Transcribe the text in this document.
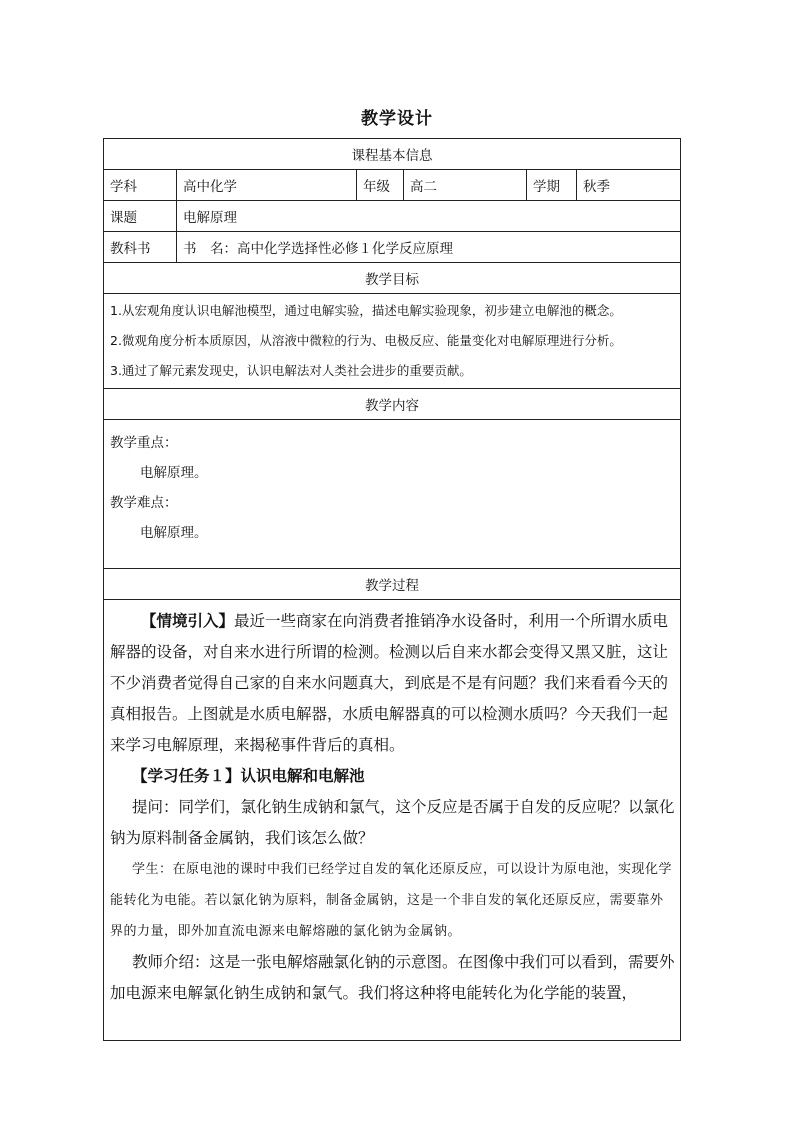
教学设计
课程基本信息					
学科	高中化学	年级	高二	学期	秋季
课题	电解原理				
教科书	书　名：高中化学选择性必修１化学反应原理				
教学目标					

1.从宏观角度认识电解池模型，通过电解实验，描述电解实验现象，初步建立电解池的概念。
2.微观角度分析本质原因，从溶液中微粒的行为、电极反应、能量变化对电解原理进行分析。
3.通过了解元素发现史，认识电解法对人类社会进步的重要贡献。					

教学内容					

教学重点：
电解原理。
教学难点：
电解原理。					

教学过程					

【情境引入】最近一些商家在向消费者推销净水设备时，利用一个所谓水质电解器的设备，对自来水进行所谓的检测。检测以后自来水都会变得又黑又脏，这让不少消费者觉得自己家的自来水问题真大，到底是不是有问题？我们来看看今天的真相报告。上图就是水质电解器，水质电解器真的可以检测水质吗？今天我们一起来学习电解原理，来揭秘事件背后的真相。

【学习任务１】认识电解和电解池

提问：同学们，氯化钠生成钠和氯气，这个反应是否属于自发的反应呢？以氯化钠为原料制备金属钠，我们该怎么做？

学生：在原电池的课时中我们已经学过自发的氧化还原反应，可以设计为原电池，实现化学能转化为电能。若以氯化钠为原料，制备金属钠，这是一个非自发的氧化还原反应，需要靠外界的力量，即外加直流电源来电解熔融的氯化钠为金属钠。

教师介绍：这是一张电解熔融氯化钠的示意图。在图像中我们可以看到，需要外加电源来电解氯化钠生成钠和氯气。我们将这种将电能转化为化学能的装置，					
